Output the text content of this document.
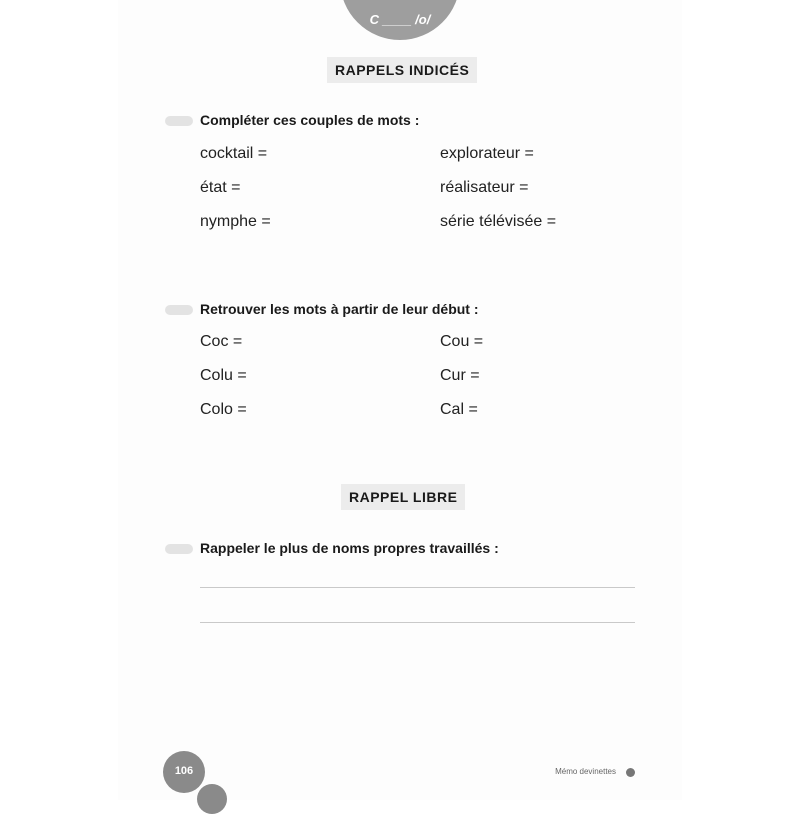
C ____ /o/
RAPPELS INDICÉS
Compléter ces couples de mots :
cocktail =	explorateur =
état =	réalisateur =
nymphe =	série télévisée =
Retrouver les mots à partir de leur début :
Coc =	Cou =
Colu =	Cur =
Colo =	Cal =
RAPPEL LIBRE
Rappeler le plus de noms propres travaillés :
106	Mémo devinettes
